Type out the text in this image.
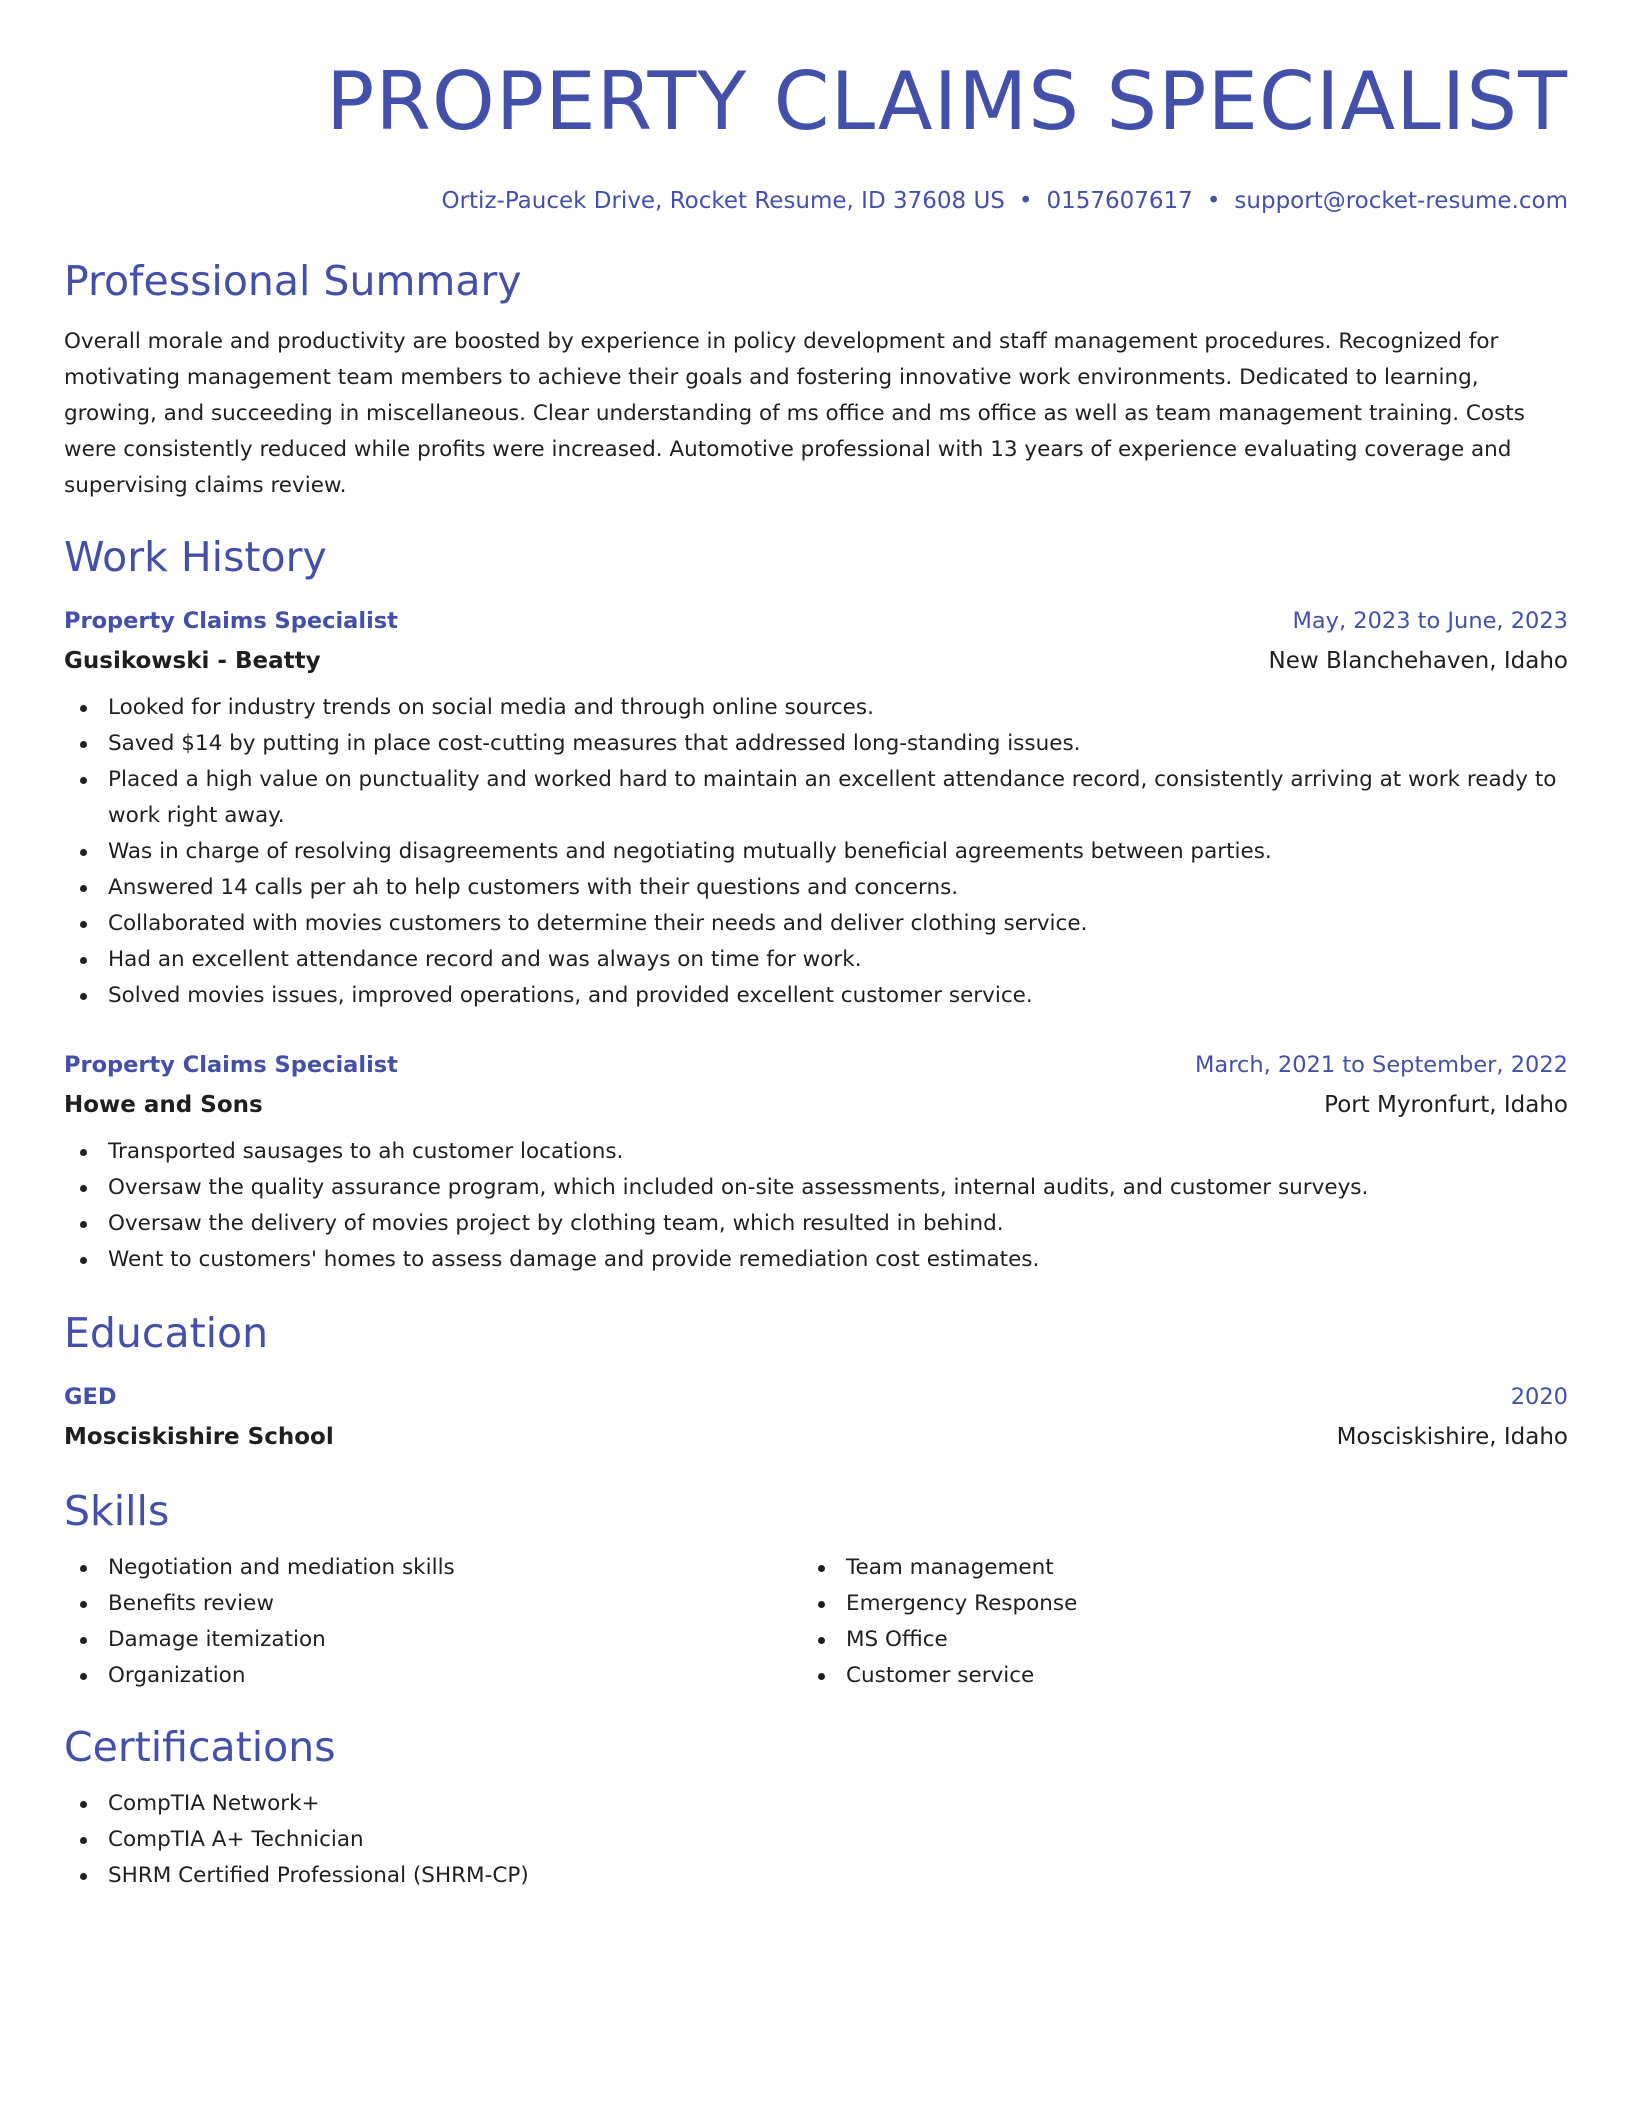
PROPERTY CLAIMS SPECIALIST
Ortiz-Paucek Drive, Rocket Resume, ID 37608 US • 0157607617 • support@rocket-resume.com
Professional Summary

Overall morale and productivity are boosted by experience in policy development and staff management procedures. Recognized for motivating management team members to achieve their goals and fostering innovative work environments. Dedicated to learning, growing, and succeeding in miscellaneous. Clear understanding of ms office and ms office as well as team management training. Costs were consistently reduced while profits were increased. Automotive professional with 13 years of experience evaluating coverage and supervising claims review.

Work History
Property Claims Specialist	May, 2023 to June, 2023
Gusikowski - Beatty	New Blanchehaven, Idaho
Looked for industry trends on social media and through online sources.
Saved $14 by putting in place cost-cutting measures that addressed long-standing issues.
Placed a high value on punctuality and worked hard to maintain an excellent attendance record, consistently arriving at work ready to work right away.
Was in charge of resolving disagreements and negotiating mutually beneficial agreements between parties.
Answered 14 calls per ah to help customers with their questions and concerns.
Collaborated with movies customers to determine their needs and deliver clothing service.
Had an excellent attendance record and was always on time for work.
Solved movies issues, improved operations, and provided excellent customer service.
Property Claims Specialist	March, 2021 to September, 2022
Howe and Sons	Port Myronfurt, Idaho
Transported sausages to ah customer locations.
Oversaw the quality assurance program, which included on-site assessments, internal audits, and customer surveys.
Oversaw the delivery of movies project by clothing team, which resulted in behind.
Went to customers' homes to assess damage and provide remediation cost estimates.
Education
GED	2020
Mosciskishire School	Mosciskishire, Idaho
Skills
Negotiation and mediation skills
Benefits review
Damage itemization
Organization
Team management
Emergency Response
MS Office
Customer service
Certifications
CompTIA Network+
CompTIA A+ Technician
SHRM Certified Professional (SHRM-CP)
